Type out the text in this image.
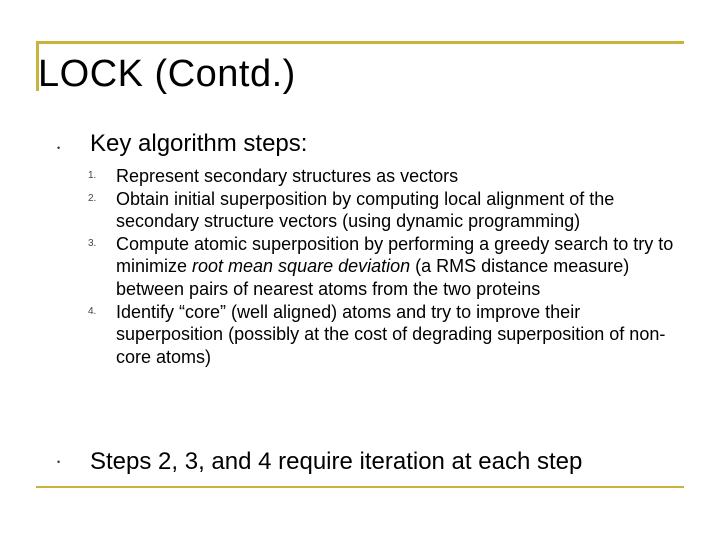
LOCK (Contd.)
• Key algorithm steps:
1. Represent secondary structures as vectors
2. Obtain initial superposition by computing local alignment of the secondary structure vectors (using dynamic programming)
3. Compute atomic superposition by performing a greedy search to try to minimize root mean square deviation (a RMS distance measure) between pairs of nearest atoms from the two proteins
4. Identify “core” (well aligned) atoms and try to improve their superposition (possibly at the cost of degrading superposition of non-core atoms)
• Steps 2, 3, and 4 require iteration at each step
